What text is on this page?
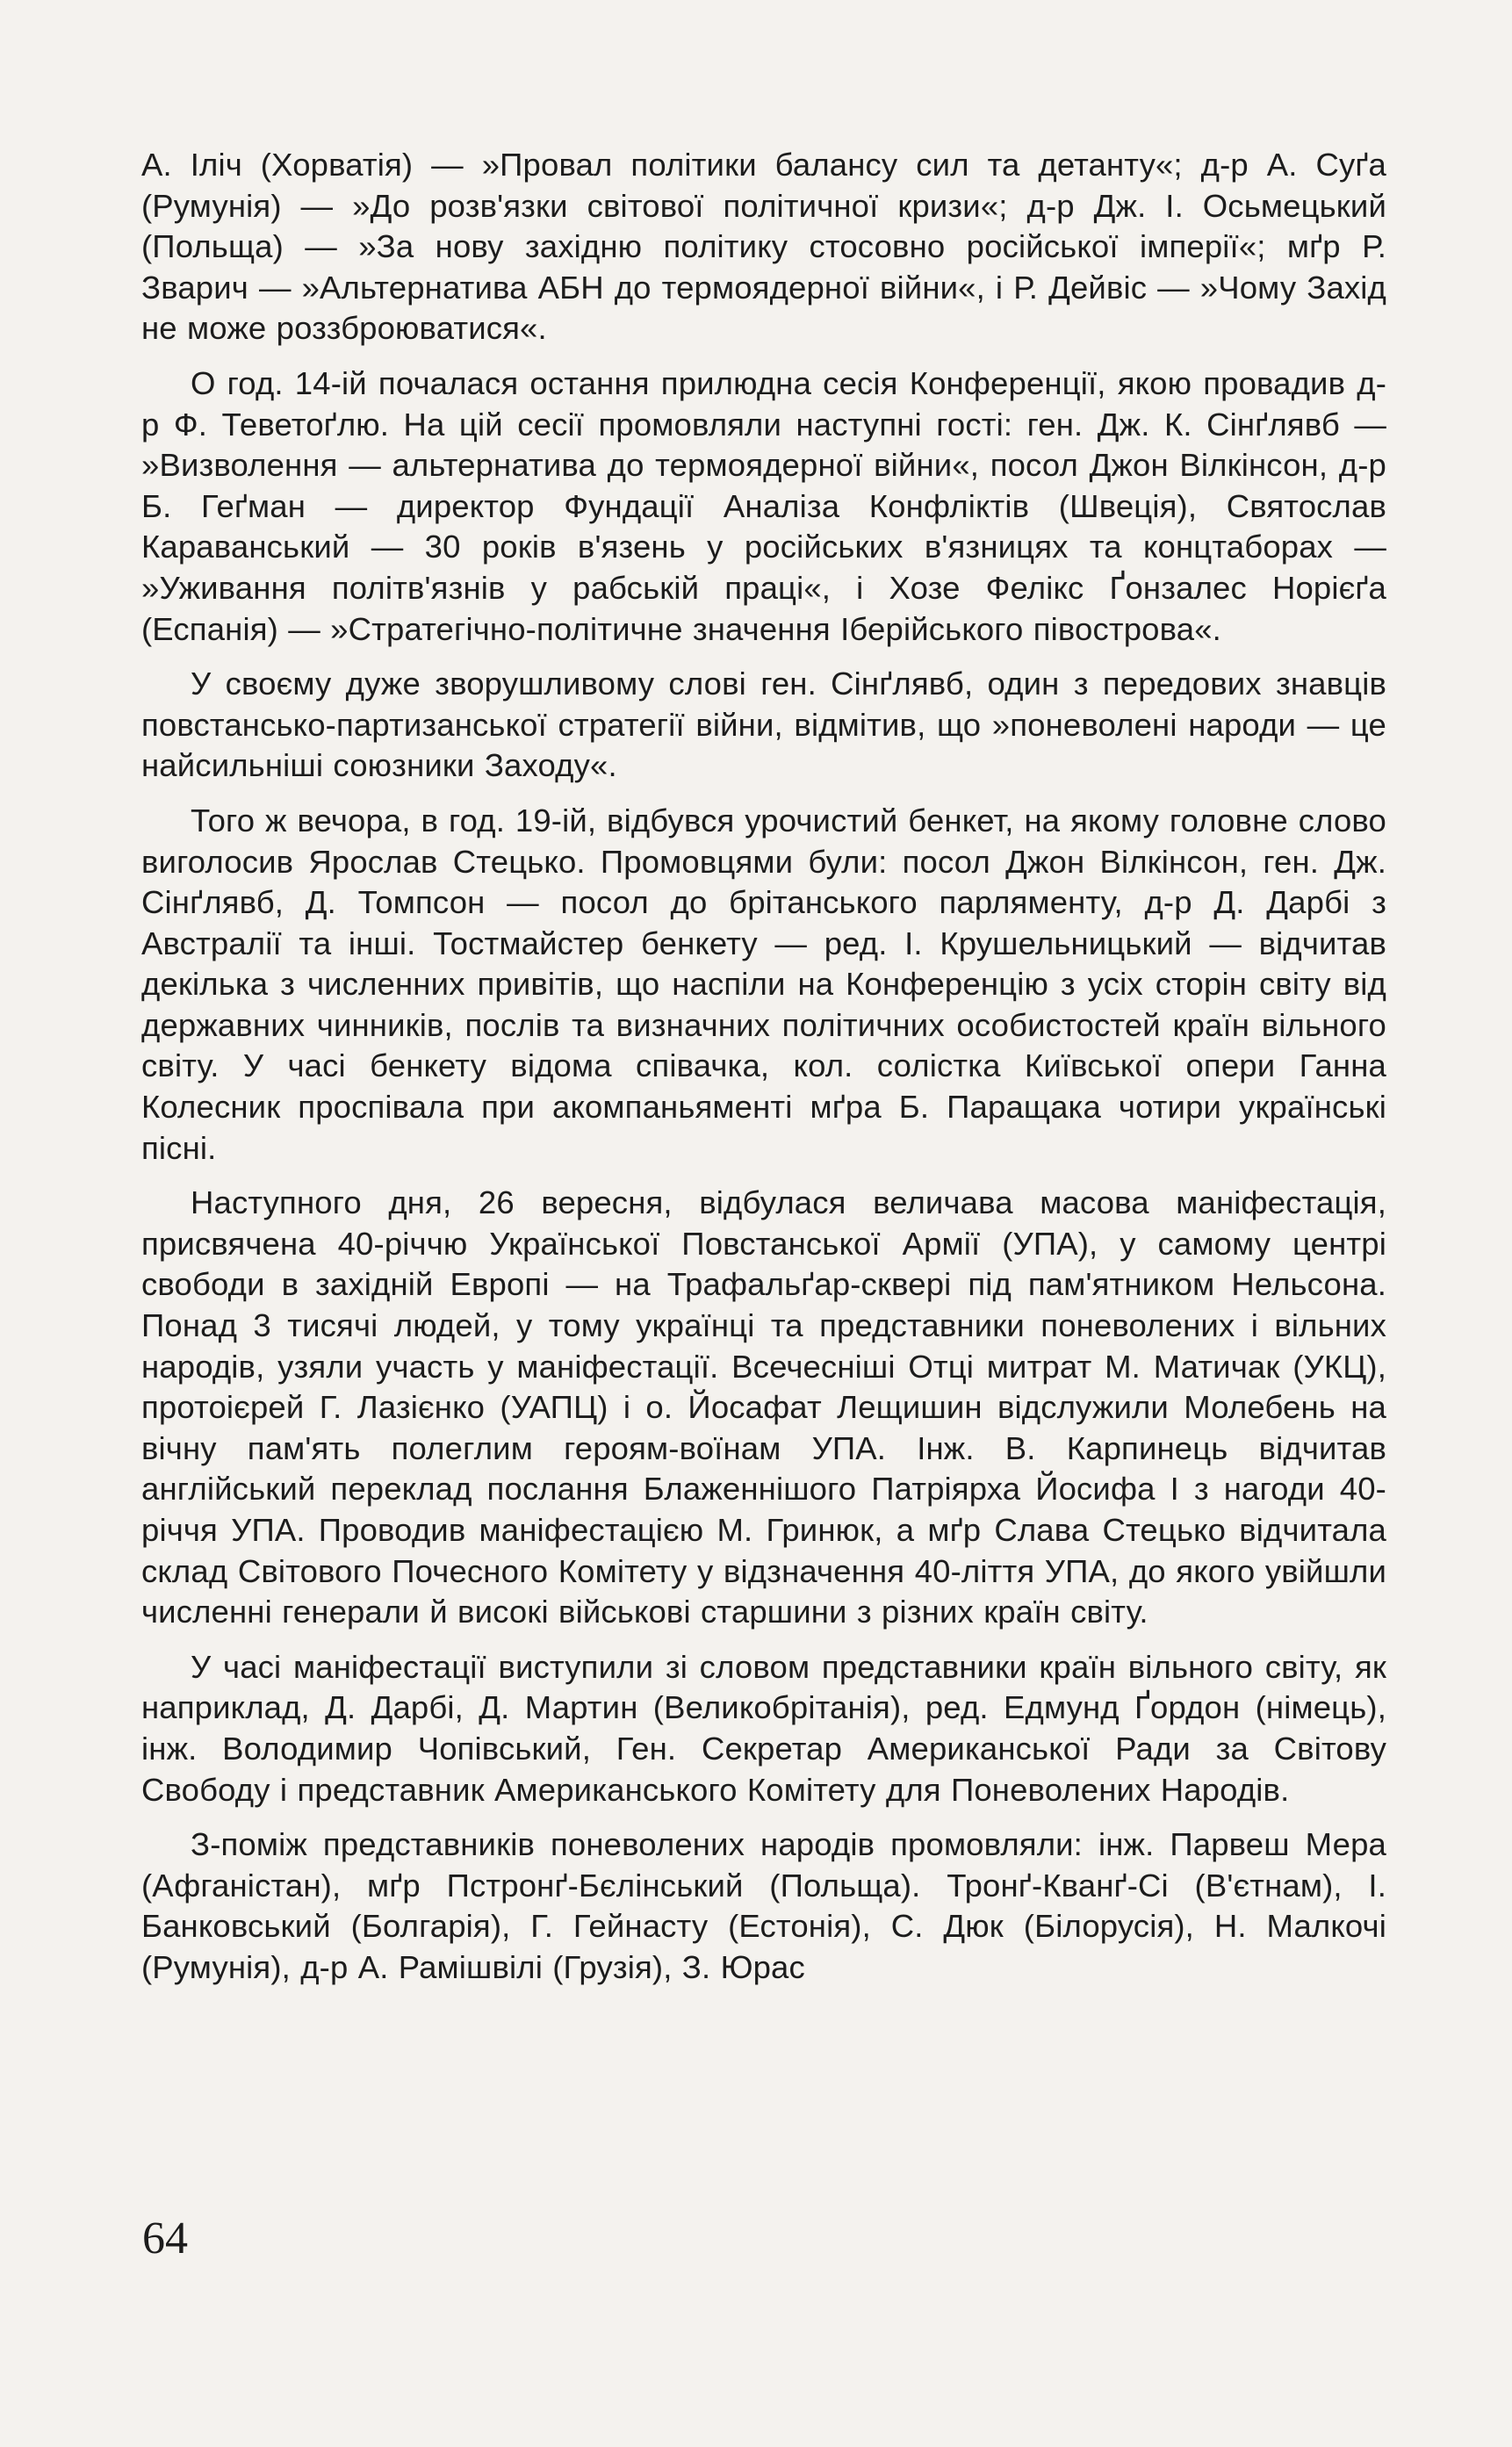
А. Іліч (Хорватія) — »Провал політики балансу сил та детанту«; д-р А. Суґа (Румунія) — »До розв'язки світової політичної кризи«; д-р Дж. І. Осьмецький (Польща) — »За нову західню політику стосовно російської імперії«; мґр Р. Зварич — »Альтернатива АБН до термоядерної війни«, і Р. Дейвіс — »Чому Захід не може роззброюватися«.

О год. 14-ій почалася остання прилюдна сесія Конференції, якою провадив д-р Ф. Теветоґлю. На цій сесії промовляли наступні гості: ген. Дж. К. Сінґлявб — »Визволення — альтернатива до термоядерної війни«, посол Джон Вілкінсон, д-р Б. Геґман — директор Фундації Аналіза Конфліктів (Швеція), Святослав Караванський — 30 років в'язень у російських в'язницях та концтаборах — »Уживання політв'язнів у рабській праці«, і Хозе Фелікс Ґонзалес Норієґа (Еспанія) — »Стратегічно-політичне значення Іберійського півострова«.

У своєму дуже зворушливому слові ген. Сінґлявб, один з передових знавців повстансько-партизанської стратегії війни, відмітив, що »поневолені народи — це найсильніші союзники Заходу«.

Того ж вечора, в год. 19-ій, відбувся урочистий бенкет, на якому головне слово виголосив Ярослав Стецько. Промовцями були: посол Джон Вілкінсон, ген. Дж. Сінґлявб, Д. Томпсон — посол до брітанського парляменту, д-р Д. Дарбі з Австралії та інші. Тостмайстер бенкету — ред. І. Крушельницький — відчитав декілька з численних привітів, що наспіли на Конференцію з усіх сторін світу від державних чинників, послів та визначних політичних особистостей країн вільного світу. У часі бенкету відома співачка, кол. солістка Київської опери Ганна Колесник проспівала при акомпаньяменті мґра Б. Паращака чотири українські пісні.

Наступного дня, 26 вересня, відбулася величава масова маніфестація, присвячена 40-річчю Української Повстанської Армії (УПА), у самому центрі свободи в західній Европі — на Трафальґар-сквері під пам'ятником Нельсона. Понад 3 тисячі людей, у тому українці та представники поневолених і вільних народів, узяли участь у маніфестації. Всечесніші Отці митрат М. Матичак (УКЦ), протоієрей Г. Лазієнко (УАПЦ) і о. Йосафат Лещишин відслужили Молебень на вічну пам'ять полеглим героям-воїнам УПА. Інж. В. Карпинець відчитав англійський переклад послання Блаженнішого Патріярха Йосифа І з нагоди 40-річчя УПА. Проводив маніфестацією М. Гринюк, а мґр Слава Стецько відчитала склад Світового Почесного Комітету у відзначення 40-ліття УПА, до якого увійшли численні генерали й високі військові старшини з різних країн світу.

У часі маніфестації виступили зі словом представники країн вільного світу, як наприклад, Д. Дарбі, Д. Мартин (Великобрітанія), ред. Едмунд Ґордон (німець), інж. Володимир Чопівський, Ген. Секретар Американської Ради за Світову Свободу і представник Американського Комітету для Поневолених Народів.

З-поміж представників поневолених народів промовляли: інж. Парвеш Мера (Афганістан), мґр Пстронґ-Бєлінський (Польща). Тронґ-Кванґ-Сі (В'єтнам), І. Банковський (Болгарія), Г. Гейнасту (Естонія), С. Дюк (Білорусія), Н. Малкочі (Румунія), д-р А. Рамішвілі (Грузія), З. Юрас

64
